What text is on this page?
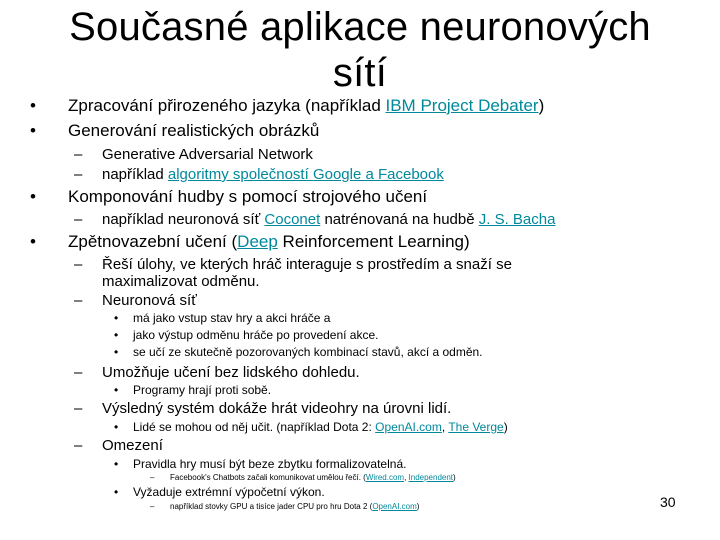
Současné aplikace neuronových
sítí
• Zpracování přirozeného jazyka (například IBM Project Debater)
• Generování realistických obrázků
– Generative Adversarial Network
– například algoritmy společností Google a Facebook
• Komponování hudby s pomocí strojového učení
– například neuronová síť Coconet natrénovaná na hudbě J. S. Bacha
• Zpětnovazební učení (Deep Reinforcement Learning)
– Řeší úlohy, ve kterých hráč interaguje s prostředím a snaží se
maximalizovat odměnu.
– Neuronová síť
• má jako vstup stav hry a akci hráče a
• jako výstup odměnu hráče po provedení akce.
• se učí ze skutečně pozorovaných kombinací stavů, akcí a odměn.
– Umožňuje učení bez lidského dohledu.
• Programy hrají proti sobě.
– Výsledný systém dokáže hrát videohry na úrovni lidí.
• Lidé se mohou od něj učit. (například Dota 2: OpenAI.com, The Verge)
– Omezení
• Pravidla hry musí být beze zbytku formalizovatelná.
– Facebook's Chatbots začali komunikovat umělou řečí. (Wired.com, Independent)
• Vyžaduje extrémní výpočetní výkon.
– například stovky GPU a tisíce jader CPU pro hru Dota 2 (OpenAI.com)	30
